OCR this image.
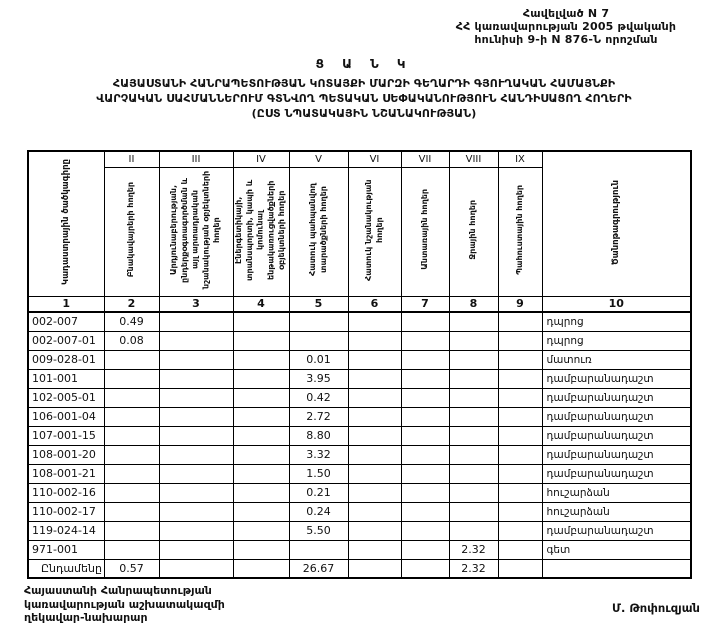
Հավելված N 7
ՀՀ կառավարության 2005 թվականի
հունիսի 9-ի N 876-Ն որոշման
Ց Ա Ն Կ
ՀԱՅԱՍՏԱՆԻ ՀԱՆՐԱՊԵՏՈՒԹՅԱՆ ԿՈՏԱՅՔԻ ՄԱՐԶԻ ԳԵՂԱՐԴԻ ԳՅՈՒՂԱԿԱՆ ՀԱՄԱՅՆՔԻ
ՎԱՐՉԱԿԱՆ ՍԱՀՄԱՆՆԵՐՈՒՄ ԳՏՆՎՈՂ ՊԵՏԱԿԱՆ ՍԵՓԱԿԱՆՈՒԹՅՈՒՆ ՀԱՆԴԻՍԱՑՈՂ ՀՈՂԵՐԻ
(ԸՍՏ ՆՊԱՏԱԿԱՅԻՆ ՆՇԱՆԱԿՈՒԹՅԱՆ)
Կադաստրային ծածկագիրը	II	III	IV	V	VI	VII	VIII	IX	Ծանոթագրություն
	Բնակավայրերի հողեր	Արդյունաբերության, ընդերքօգտագործման և այլ արտադրական նշանակության օբյեկտների հողեր	Էներգետիկայի, տրանսպորտի, կապի և կոմունալ ենթակառուցվածքների օբյեկտների հողեր	Հատուկ պահպանվող տարածքների հողեր	Հատուկ նշանակության հողեր	Անտառային հողեր	Ջրային հողեր	Պահուստային հողեր	
1	2	3	4	5	6	7	8	9	10
002-007	0.49								դպրոց
002-007-01	0.08								դպրոց
009-028-01				0.01					մատուռ
101-001				3.95					դամբարանադաշտ
102-005-01				0.42					դամբարանադաշտ
106-001-04				2.72					դամբարանադաշտ
107-001-15				8.80					դամբարանադաշտ
108-001-20				3.32					դամբարանադաշտ
108-001-21				1.50					դամբարանադաշտ
110-002-16				0.21					հուշարձան
110-002-17				0.24					հուշարձան
119-024-14				5.50					դամբարանադաշտ
971-001							2.32		գետ
Ընդամենը	0.57			26.67			2.32		
Հայաստանի Հանրապետության
կառավարության աշխատակազմի
ղեկավար-նախարար
Մ. Թոփուզյան
